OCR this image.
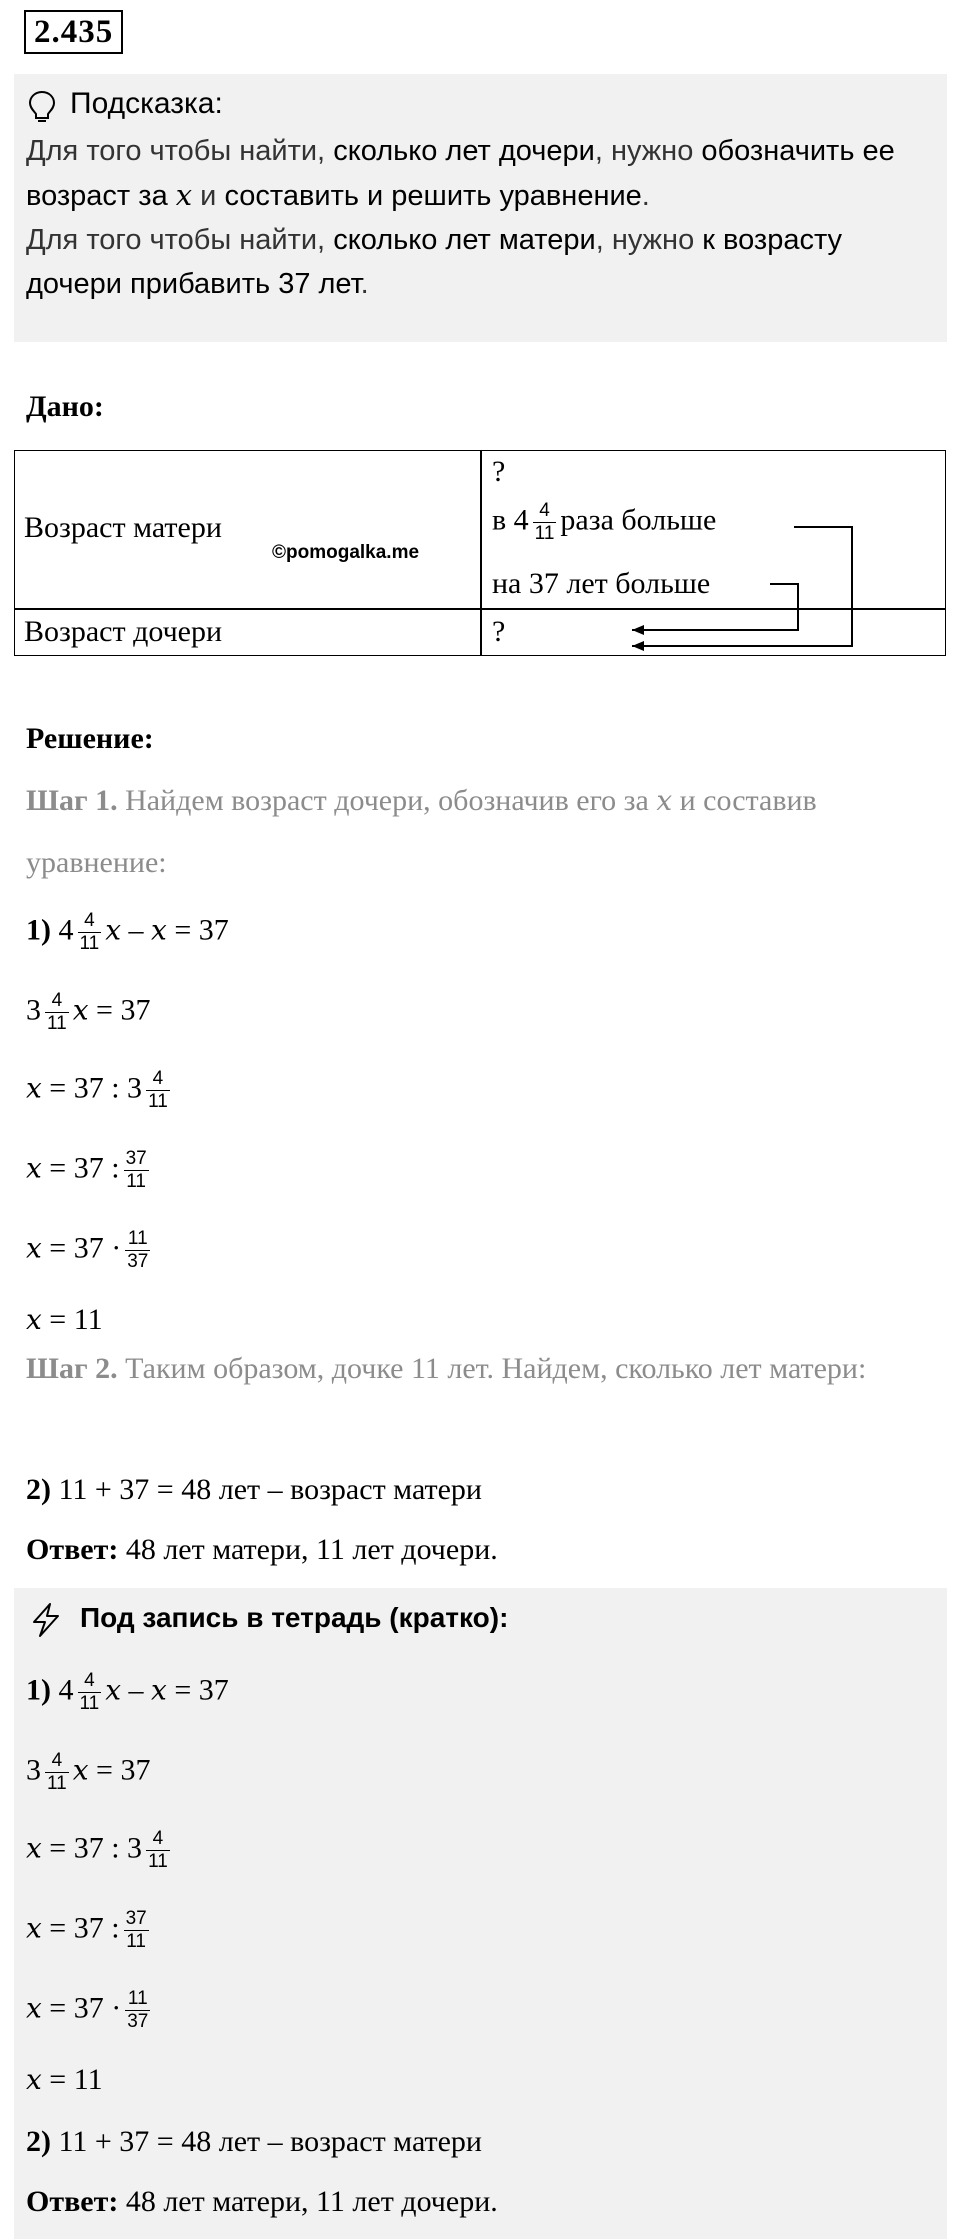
2.435
Подсказка:
Для того чтобы найти, сколько лет дочери, нужно обозначить ее возраст за x и составить и решить уравнение.
Для того чтобы найти, сколько лет матери, нужно к возрасту дочери прибавить 37 лет.
Дано:
Возраст матери
©pomogalka.me
?
в $4 \frac{4}{11}$ раза больше
на 37 лет больше
Возраст дочери	?
Решение:
Шаг 1. Найдем возраст дочери, обозначив его за x и составив уравнение:
1) $4 \frac{4}{11}$ x – x = 37
$3 \frac{4}{11}$ x = 37
x = 37 : $3 \frac{4}{11}$
x = 37 : $\frac{37}{11}$
$x = 37 \cdot \frac{11}{37}$
x = 11
Шаг 2. Таким образом, дочке 11 лет. Найдем, сколько лет матери:
2) 11 + 37 = 48 лет – возраст матери
Ответ: 48 лет матери, 11 лет дочери.
Под запись в тетрадь (кратко):
1) $4 \frac{4}{11}$ x – x = 37
$3 \frac{4}{11}$ x = 37
x = 37 : $3 \frac{4}{11}$
x = 37 : $\frac{37}{11}$
$x = 37 \cdot \frac{11}{37}$
x = 11
2) 11 + 37 = 48 лет – возраст матери
Ответ: 48 лет матери, 11 лет дочери.
